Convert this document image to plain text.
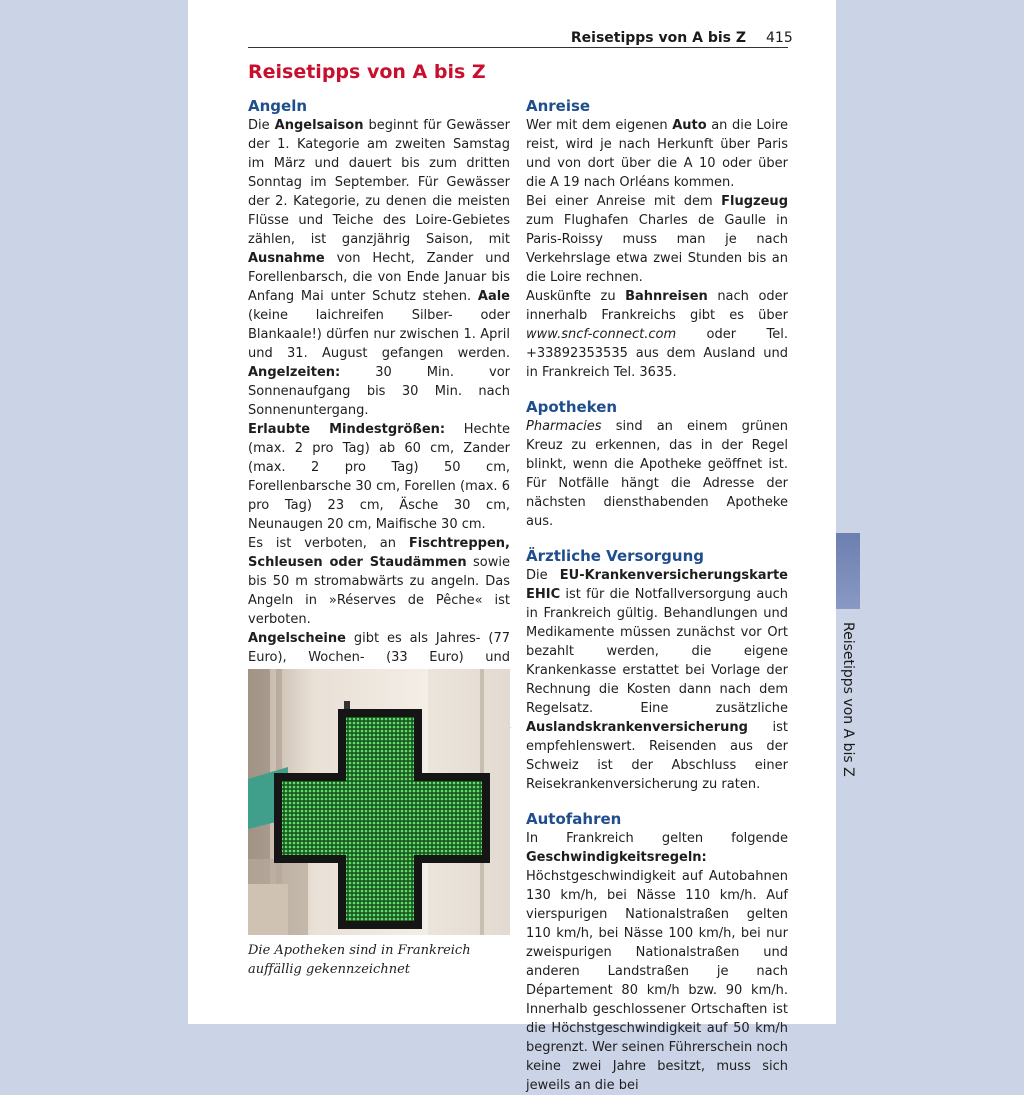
Reisetipps von A bis Z 415
Reisetipps von A bis Z
Angeln

Die Angelsaison beginnt für Gewässer der 1. Kategorie am zweiten Samstag im März und dauert bis zum dritten Sonntag im September. Für Gewässer der 2. Kategorie, zu denen die meisten Flüsse und Teiche des Loire-Gebietes zählen, ist ganzjährig Saison, mit Ausnahme von Hecht, Zander und Forellenbarsch, die von Ende Januar bis Anfang Mai unter Schutz stehen. Aale (keine laichreifen Silber- oder Blankaale!) dürfen nur zwischen 1. April und 31. August gefangen werden. Angelzeiten: 30 Min. vor Sonnenaufgang bis 30 Min. nach Sonnenuntergang.

Erlaubte Mindestgrößen: Hechte (max. 2 pro Tag) ab 60 cm, Zander (max. 2 pro Tag) 50 cm, Forellenbarsche 30 cm, Forellen (max. 6 pro Tag) 23 cm, Äsche 30 cm, Neunaugen 20 cm, Maifische 30 cm.

Es ist verboten, an Fischtreppen, Schleusen oder Staudämmen sowie bis 50 m stromabwärts zu angeln. Das Angeln in »Réserves de Pêche« ist verboten.

Angelscheine gibt es als Jahres- (77 Euro), Wochen- (33 Euro) und

Die Apotheken sind in Frankreich auffällig gekennzeichnet
Anreise

Wer mit dem eigenen Auto an die Loire reist, wird je nach Herkunft über Paris und von dort über die A 10 oder über die A 19 nach Orléans kommen.

Bei einer Anreise mit dem Flugzeug zum Flughafen Charles de Gaulle in Paris-Roissy muss man je nach Verkehrslage etwa zwei Stunden bis an die Loire rechnen.

Auskünfte zu Bahnreisen nach oder innerhalb Frankreichs gibt es über www.sncf-connect.com oder Tel. +33892353535 aus dem Ausland und in Frankreich Tel. 3635.

Apotheken

Pharmacies sind an einem grünen Kreuz zu erkennen, das in der Regel blinkt, wenn die Apotheke geöffnet ist. Für Notfälle hängt die Adresse der nächsten diensthabenden Apotheke aus.

Ärztliche Versorgung

Die EU-Krankenversicherungskarte EHIC ist für die Notfallversorgung auch in Frankreich gültig. Behandlungen und Medikamente müssen zunächst vor Ort bezahlt werden, die eigene Krankenkasse erstattet bei Vorlage der Rechnung die Kosten dann nach dem Regelsatz. Eine zusätzliche Auslandskrankenversicherung ist empfehlenswert. Reisenden aus der Schweiz ist der Abschluss einer Reisekrankenversicherung zu raten.

Autofahren

In Frankreich gelten folgende Geschwindigkeitsregeln: Höchstgeschwindigkeit auf Autobahnen 130 km/h, bei Nässe 110 km/h. Auf vierspurigen Nationalstraßen gelten 110 km/h, bei Nässe 100 km/h, bei nur zweispurigen Nationalstraßen und anderen Landstraßen je nach Département 80 km/h bzw. 90 km/h. Innerhalb geschlossener Ortschaften ist die Höchstgeschwindigkeit auf 50 km/h begrenzt. Wer seinen Führerschein noch keine zwei Jahre besitzt, muss sich jeweils an die bei

Reisetipps von A bis Z
